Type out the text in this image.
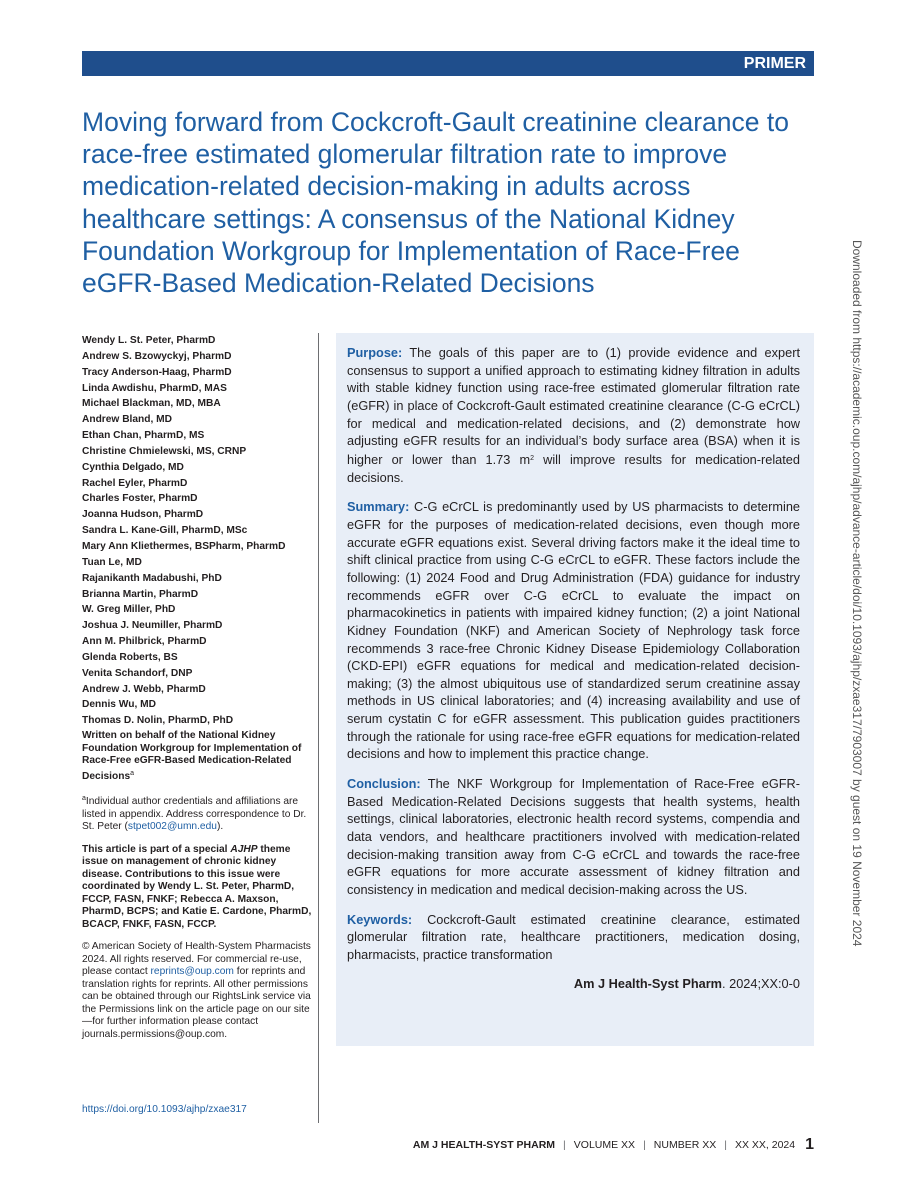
PRIMER
Moving forward from Cockcroft-Gault creatinine clearance to race-free estimated glomerular filtration rate to improve medication-related decision-making in adults across healthcare settings: A consensus of the National Kidney Foundation Workgroup for Implementation of Race-Free eGFR-Based Medication-Related Decisions	Downloaded from https://academic.oup.com/ajhp/advance-article/doi/10.1093/ajhp/zxae317/7903007 by guest on 19 November 2024
Wendy L. St. Peter, PharmD
Andrew S. Bzowyckyj, PharmD
Tracy Anderson-Haag, PharmD
Linda Awdishu, PharmD, MAS
Michael Blackman, MD, MBA
Andrew Bland, MD
Ethan Chan, PharmD, MS
Christine Chmielewski, MS, CRNP
Cynthia Delgado, MD
Rachel Eyler, PharmD
Charles Foster, PharmD
Joanna Hudson, PharmD
Sandra L. Kane-Gill, PharmD, MSc
Mary Ann Kliethermes, BSPharm, PharmD
Tuan Le, MD
Rajanikanth Madabushi, PhD
Brianna Martin, PharmD
W. Greg Miller, PhD
Joshua J. Neumiller, PharmD
Ann M. Philbrick, PharmD
Glenda Roberts, BS
Venita Schandorf, DNP
Andrew J. Webb, PharmD
Dennis Wu, MD
Thomas D. Nolin, PharmD, PhD
Written on behalf of the National Kidney Foundation Workgroup for Implementation of Race-Free eGFR-Based Medication-Related Decisions$^a$
$^a$Individual author credentials and affiliations are listed in appendix. Address correspondence to Dr. St. Peter (stpet002@umn.edu).
This article is part of a special AJHP theme issue on management of chronic kidney disease. Contributions to this issue were coordinated by Wendy L. St. Peter, PharmD, FCCP, FASN, FNKF; Rebecca A. Maxson, PharmD, BCPS; and Katie E. Cardone, PharmD, BCACP, FNKF, FASN, FCCP.
© American Society of Health-System Pharmacists 2024. All rights reserved. For commercial re-use, please contact reprints@oup.com for reprints and translation rights for reprints. All other permissions can be obtained through our RightsLink service via the Permissions link on the article page on our site—for further information please contact journals.permissions@oup.com.
https://doi.org/10.1093/ajhp/zxae317

Purpose: The goals of this paper are to (1) provide evidence and expert consensus to support a unified approach to estimating kidney filtration in adults with stable kidney function using race-free estimated glomerular filtration rate (eGFR) in place of Cockcroft-Gault estimated creatinine clearance (C-G eCrCL) for medical and medication-related decisions, and (2) demonstrate how adjusting eGFR results for an individual’s body surface area (BSA) when it is higher or lower than 1.73 $m^2$ will improve results for medication-related decisions.

Summary: C-G eCrCL is predominantly used by US pharmacists to determine eGFR for the purposes of medication-related decisions, even though more accurate eGFR equations exist. Several driving factors make it the ideal time to shift clinical practice from using C-G eCrCL to eGFR. These factors include the following: (1) 2024 Food and Drug Administration (FDA) guidance for industry recommends eGFR over C-G eCrCL to evaluate the impact on pharmacokinetics in patients with impaired kidney function; (2) a joint National Kidney Foundation (NKF) and American Society of Nephrology task force recommends 3 race-free Chronic Kidney Disease Epidemiology Collaboration (CKD-EPI) eGFR equations for medical and medication-related decision-making; (3) the almost ubiquitous use of standardized serum creatinine assay methods in US clinical laboratories; and (4) increasing availability and use of serum cystatin C for eGFR assessment. This publication guides practitioners through the rationale for using race-free eGFR equations for medication-related decisions and how to implement this practice change.

Conclusion: The NKF Workgroup for Implementation of Race-Free eGFR-Based Medication-Related Decisions suggests that health systems, health settings, clinical laboratories, electronic health record systems, compendia and data vendors, and healthcare practitioners involved with medication-related decision-making transition away from C-G eCrCL and towards the race-free eGFR equations for more accurate assessment of kidney filtration and consistency in medication and medical decision-making across the US.

Keywords: Cockcroft-Gault estimated creatinine clearance, estimated glomerular filtration rate, healthcare practitioners, medication dosing, pharmacists, practice transformation

Am J Health-Syst Pharm. 2024;XX:0-0
AM J HEALTH-SYST PHARM | VOLUME XX | NUMBER XX | XX XX, 2024 1
